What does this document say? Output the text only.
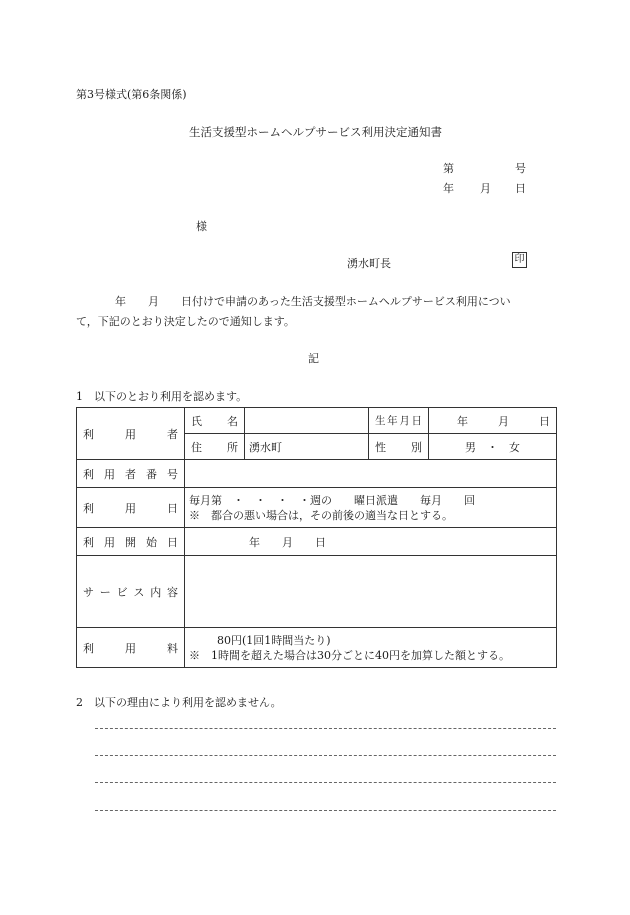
第3号様式(第6条関係)
生活支援型ホームヘルプサービス利用決定通知書
第	号
年 月 日
様
湧水町長	印
年　　月　　日付けで申請のあった生活支援型ホームヘルプサービス利用につい
て，下記のとおり決定したので通知します。
記
1　以下のとおり利用を認めます。
利　　用　　者	氏　名		生年月日	年 月 日

	住　所	湧水町	性　別	男　・　女
利用者番号				
利　　用　　日	毎月第　・　・　・　・週の　　曜日派遣　　毎月　　回
※　都合の悪い場合は，その前後の適当な日とする。			

利用開始日	年　　月　　日			
サービス内容				
利　　用　　料	80円(1回1時間当たり)
※　1時間を超えた場合は30分ごとに40円を加算した額とする。			
2　以下の理由により利用を認めません。
